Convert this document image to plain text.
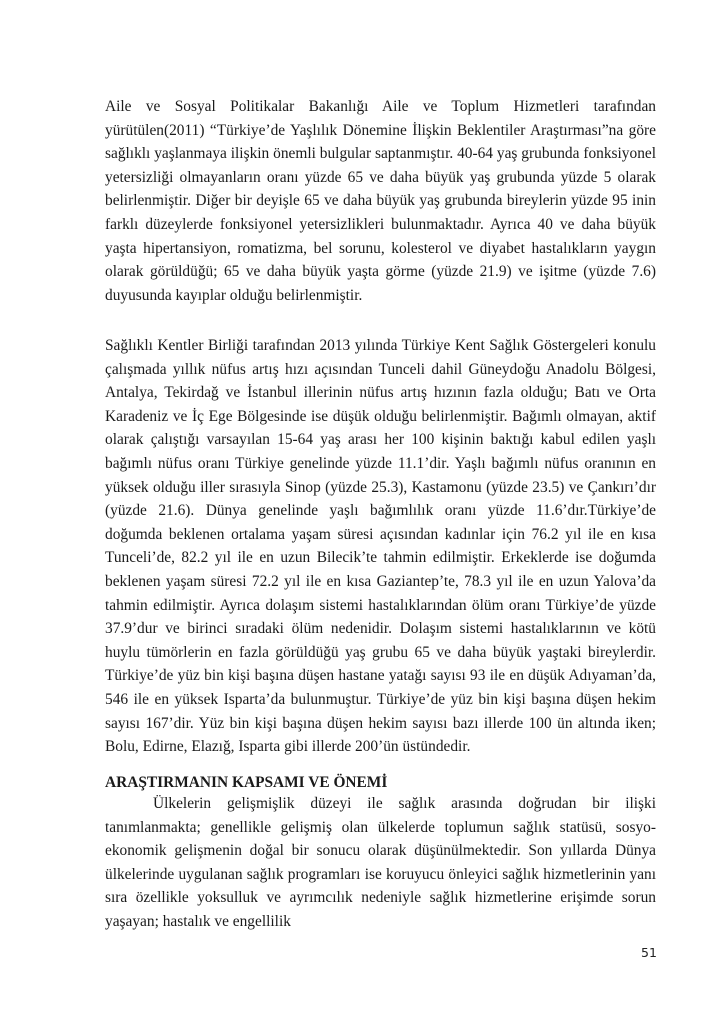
Aile ve Sosyal Politikalar Bakanlığı Aile ve Toplum Hizmetleri tarafından yürütülen(2011) “Türkiye’de Yaşlılık Dönemine İlişkin Beklentiler Araştırması”na göre sağlıklı yaşlanmaya ilişkin önemli bulgular saptanmıştır. 40-64 yaş grubunda fonksiyonel yetersizliği olmayanların oranı yüzde 65 ve daha büyük yaş grubunda yüzde 5 olarak belirlenmiştir. Diğer bir deyişle 65 ve daha büyük yaş grubunda bireylerin yüzde 95 inin farklı düzeylerde fonksiyonel yetersizlikleri bulunmaktadır. Ayrıca 40 ve daha büyük yaşta hipertansiyon, romatizma, bel sorunu, kolesterol ve diyabet hastalıkların yaygın olarak görüldüğü; 65 ve daha büyük yaşta görme (yüzde 21.9) ve işitme (yüzde 7.6) duyusunda kayıplar olduğu belirlenmiştir.

Sağlıklı Kentler Birliği tarafından 2013 yılında Türkiye Kent Sağlık Göstergeleri konulu çalışmada yıllık nüfus artış hızı açısından Tunceli dahil Güneydoğu Anadolu Bölgesi, Antalya, Tekirdağ ve İstanbul illerinin nüfus artış hızının fazla olduğu; Batı ve Orta Karadeniz ve İç Ege Bölgesinde ise düşük olduğu belirlenmiştir. Bağımlı olmayan, aktif olarak çalıştığı varsayılan 15-64 yaş arası her 100 kişinin baktığı kabul edilen yaşlı bağımlı nüfus oranı Türkiye genelinde yüzde 11.1’dir. Yaşlı bağımlı nüfus oranının en yüksek olduğu iller sırasıyla Sinop (yüzde 25.3), Kastamonu (yüzde 23.5) ve Çankırı’dır (yüzde 21.6). Dünya genelinde yaşlı bağımlılık oranı yüzde 11.6’dır.Türkiye’de doğumda beklenen ortalama yaşam süresi açısından kadınlar için 76.2 yıl ile en kısa Tunceli’de, 82.2 yıl ile en uzun Bilecik’te tahmin edilmiştir. Erkeklerde ise doğumda beklenen yaşam süresi 72.2 yıl ile en kısa Gaziantep’te, 78.3 yıl ile en uzun Yalova’da tahmin edilmiştir. Ayrıca dolaşım sistemi hastalıklarından ölüm oranı Türkiye’de yüzde 37.9’dur ve birinci sıradaki ölüm nedenidir. Dolaşım sistemi hastalıklarının ve kötü huylu tümörlerin en fazla görüldüğü yaş grubu 65 ve daha büyük yaştaki bireylerdir. Türkiye’de yüz bin kişi başına düşen hastane yatağı sayısı 93 ile en düşük Adıyaman’da, 546 ile en yüksek Isparta’da bulunmuştur. Türkiye’de yüz bin kişi başına düşen hekim sayısı 167’dir. Yüz bin kişi başına düşen hekim sayısı bazı illerde 100 ün altında iken; Bolu, Edirne, Elazığ, Isparta gibi illerde 200’ün üstündedir.

ARAŞTIRMANIN KAPSAMI VE ÖNEMİ

Ülkelerin gelişmişlik düzeyi ile sağlık arasında doğrudan bir ilişki tanımlanmakta; genellikle gelişmiş olan ülkelerde toplumun sağlık statüsü, sosyo-ekonomik gelişmenin doğal bir sonucu olarak düşünülmektedir. Son yıllarda Dünya ülkelerinde uygulanan sağlık programları ise koruyucu önleyici sağlık hizmetlerinin yanı sıra özellikle yoksulluk ve ayrımcılık nedeniyle sağlık hizmetlerine erişimde sorun yaşayan; hastalık ve engellilik

51
